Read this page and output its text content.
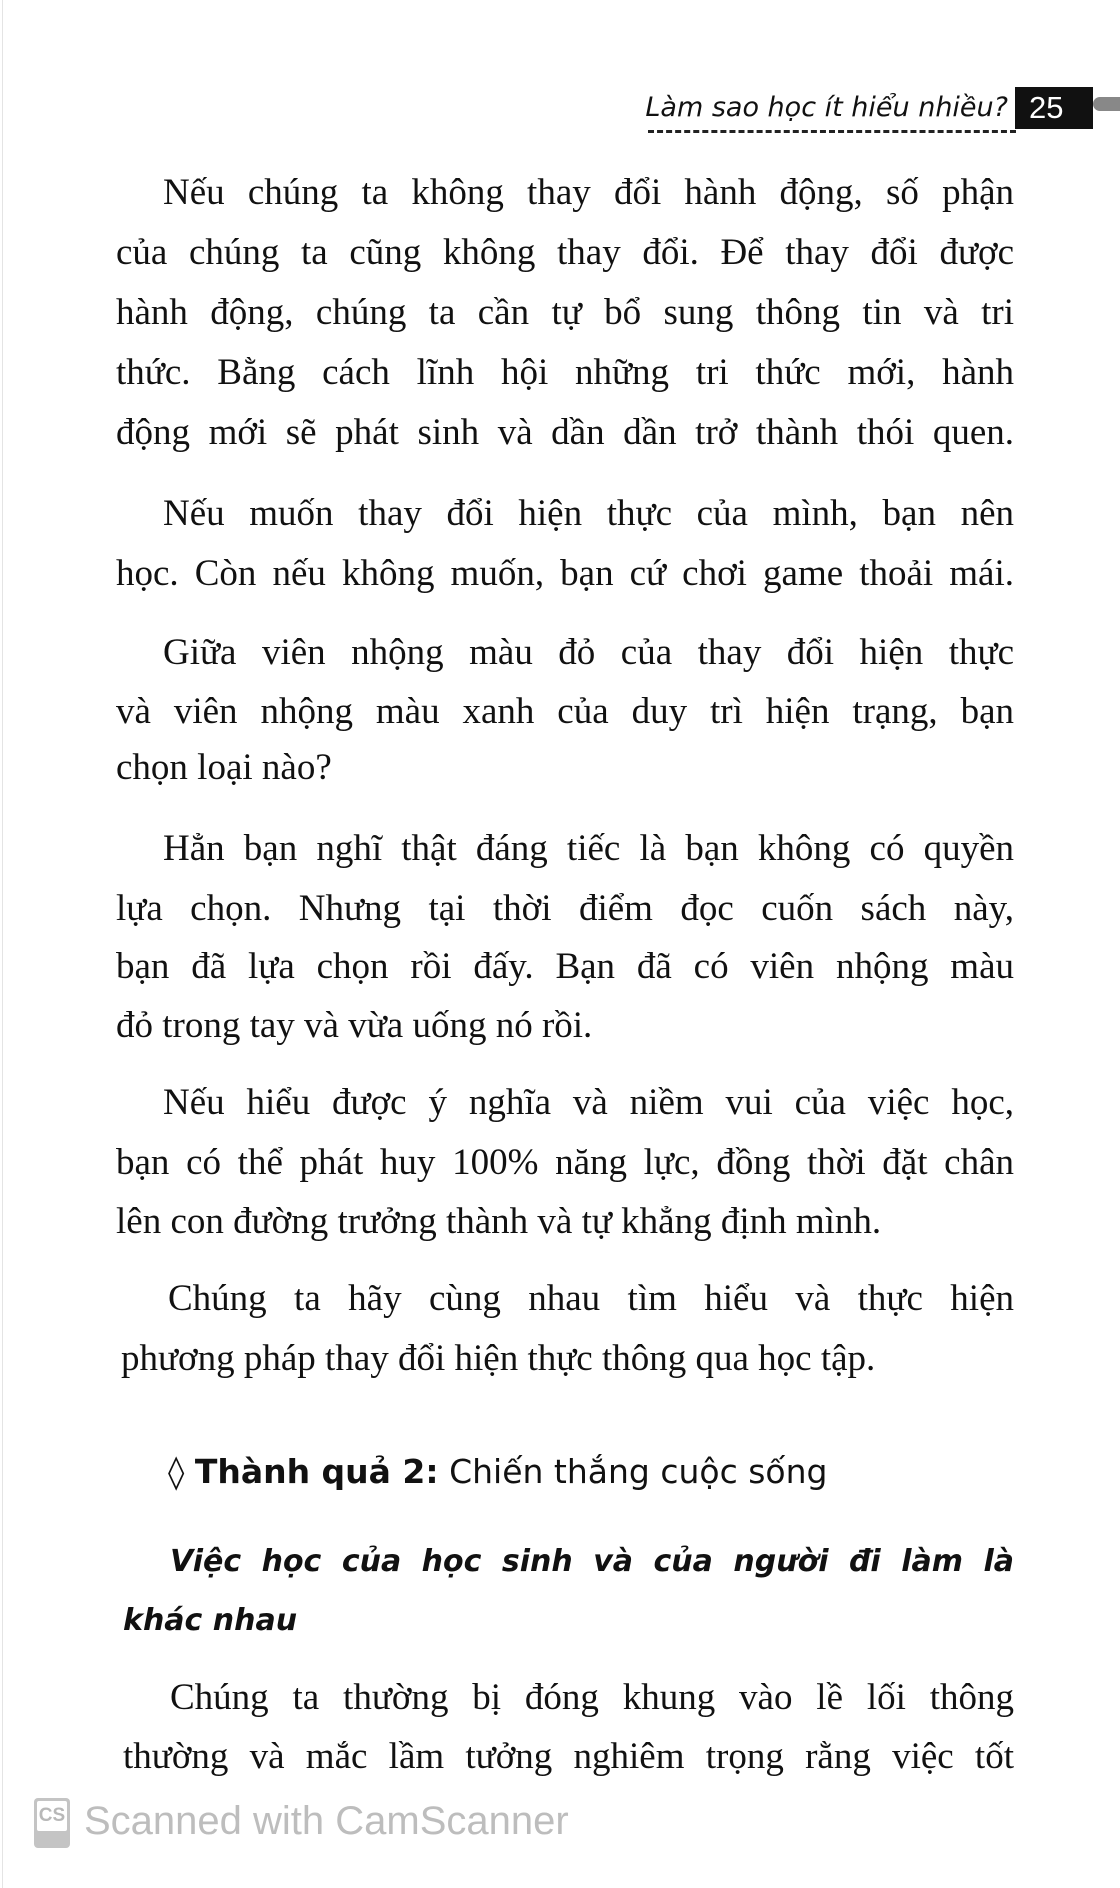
Làm sao học ít hiểu nhiều? 25
Nếu chúng ta không thay đổi hành động, số phận
của chúng ta cũng không thay đổi. Để thay đổi được
hành động, chúng ta cần tự bổ sung thông tin và tri
thức. Bằng cách lĩnh hội những tri thức mới, hành
động mới sẽ phát sinh và dần dần trở thành thói quen.
Nếu muốn thay đổi hiện thực của mình, bạn nên
học. Còn nếu không muốn, bạn cứ chơi game thoải mái.
Giữa viên nhộng màu đỏ của thay đổi hiện thực
và viên nhộng màu xanh của duy trì hiện trạng, bạn
chọn loại nào?
Hẳn bạn nghĩ thật đáng tiếc là bạn không có quyền
lựa chọn. Nhưng tại thời điểm đọc cuốn sách này,
bạn đã lựa chọn rồi đấy. Bạn đã có viên nhộng màu
đỏ trong tay và vừa uống nó rồi.
Nếu hiểu được ý nghĩa và niềm vui của việc học,
bạn có thể phát huy 100% năng lực, đồng thời đặt chân
lên con đường trưởng thành và tự khẳng định mình.
Chúng ta hãy cùng nhau tìm hiểu và thực hiện
phương pháp thay đổi hiện thực thông qua học tập.
◊ Thành quả 2: Chiến thắng cuộc sống
Việc học của học sinh và của người đi làm là
khác nhau
Chúng ta thường bị đóng khung vào lề lối thông
thường và mắc lầm tưởng nghiêm trọng rằng việc tốt
CS Scanned with CamScanner
